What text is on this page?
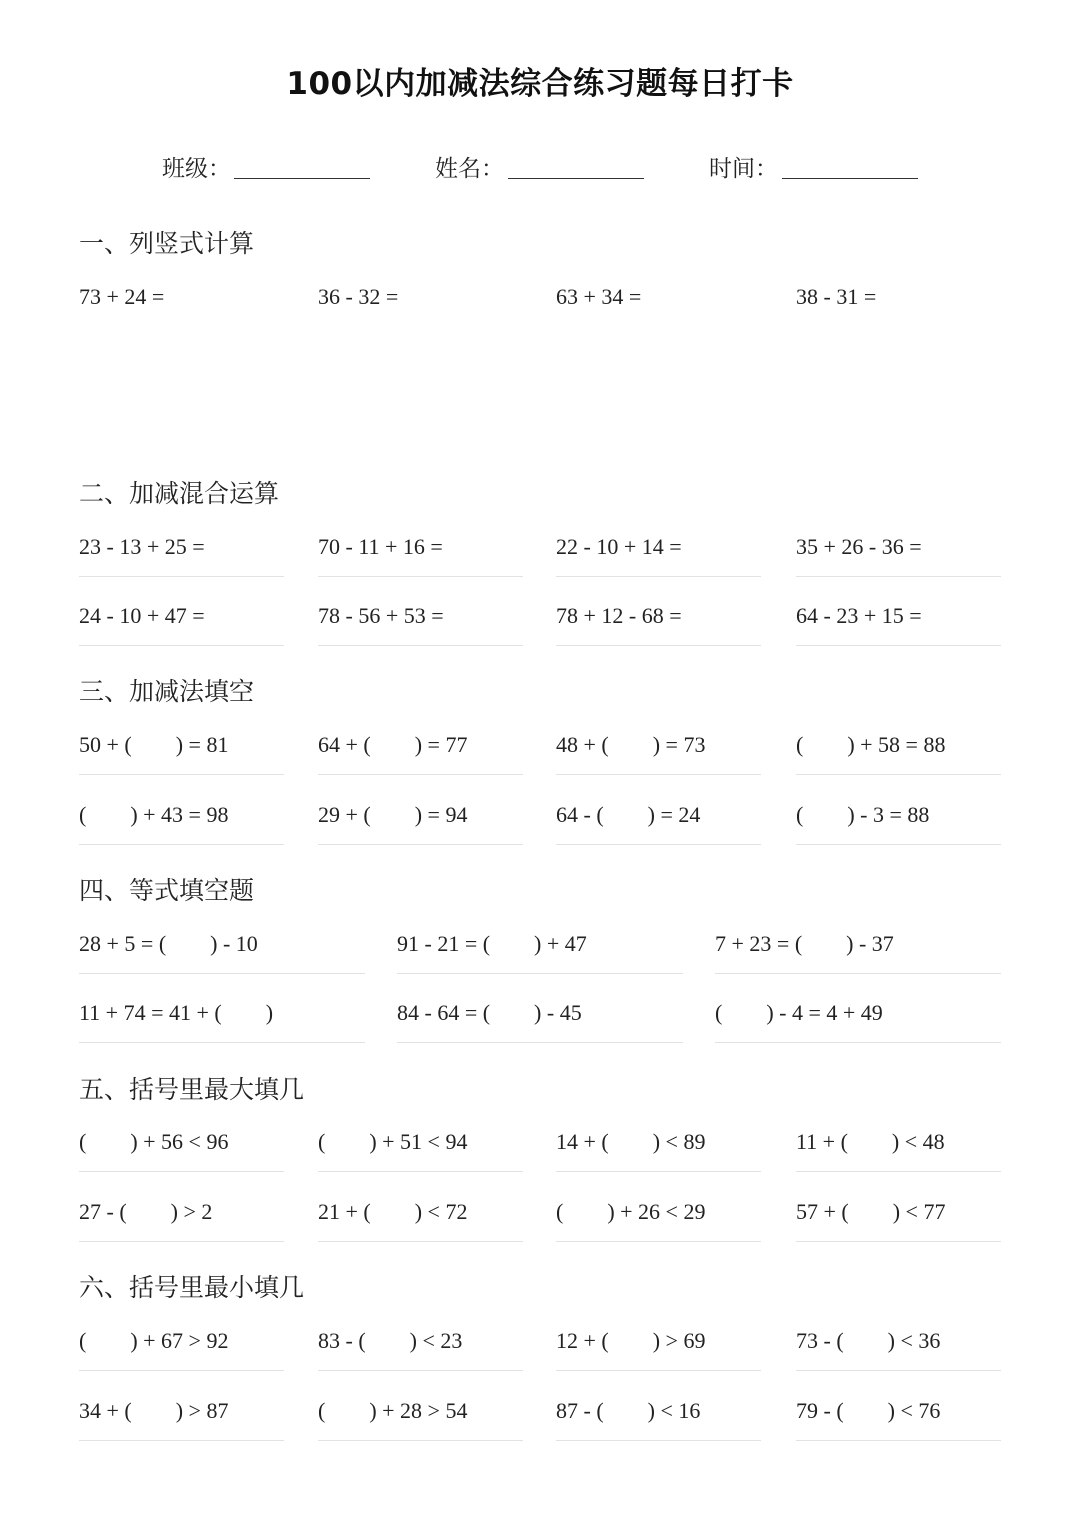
100以内加减法综合练习题每日打卡
班级：	姓名：	时间：
一、列竖式计算
73 + 24 =	36 - 32 =	63 + 34 =	38 - 31 =
二、加减混合运算
23 - 13 + 25 =	70 - 11 + 16 =	22 - 10 + 14 =	35 + 26 - 36 =
24 - 10 + 47 =	78 - 56 + 53 =	78 + 12 - 68 =	64 - 23 + 15 =
三、加减法填空
50 + (        ) = 81	64 + (        ) = 77	48 + (        ) = 73	(        ) + 58 = 88
(        ) + 43 = 98	29 + (        ) = 94	64 - (        ) = 24	(        ) - 3 = 88
四、等式填空题
28 + 5 = (        ) - 10	91 - 21 = (        ) + 47	7 + 23 = (        ) - 37
11 + 74 = 41 + (        )	84 - 64 = (        ) - 45	(        ) - 4 = 4 + 49
五、括号里最大填几
(        ) + 56 < 96	(        ) + 51 < 94	14 + (        ) < 89	11 + (        ) < 48
27 - (        ) > 2	21 + (        ) < 72	(        ) + 26 < 29	57 + (        ) < 77
六、括号里最小填几
(        ) + 67 > 92	83 - (        ) < 23	12 + (        ) > 69	73 - (        ) < 36
34 + (        ) > 87	(        ) + 28 > 54	87 - (        ) < 16	79 - (        ) < 76
